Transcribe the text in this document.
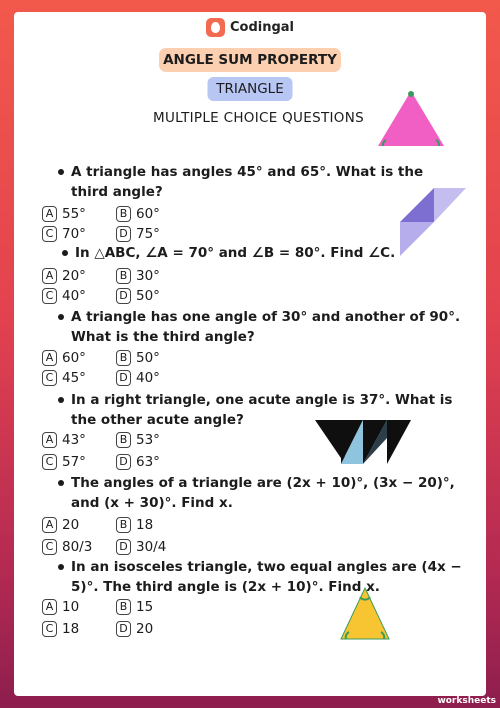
Codingal
ANGLE SUM PROPERTY
TRIANGLE
MULTIPLE CHOICE QUESTIONS
A triangle has angles 45° and 65°. What is the third angle?
A 55°	B 60°
C 70°	D 75°
In △ABC, ∠A = 70° and ∠B = 80°. Find ∠C.
A 20°	B 30°
C 40°	D 50°
A triangle has one angle of 30° and another of 90°. What is the third angle?
A 60°	B 50°
C 45°	D 40°
In a right triangle, one acute angle is 37°. What is the other acute angle?
A 43°	B 53°
C 57°	D 63°
The angles of a triangle are (2x + 10)°, (3x − 20)°, and (x + 30)°. Find x.
A 20	B 18
C 80/3 D 30/4
In an isosceles triangle, two equal angles are (4x − 5)°. The third angle is (2x + 10)°. Find x.
A 10	B 15
C 18	D 20
TOP
worksheets
